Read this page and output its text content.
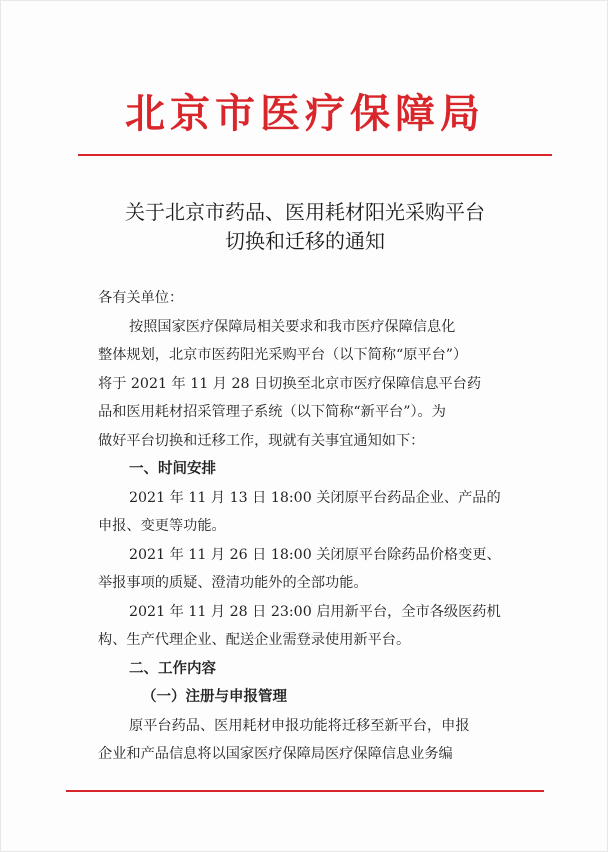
北京市医疗保障局
关于北京市药品、医用耗材阳光采购平台
切换和迁移的通知
各有关单位：
按照国家医疗保障局相关要求和我市医疗保障信息化
整体规划，北京市医药阳光采购平台（以下简称“原平台”）
将于 2021 年 11 月 28 日切换至北京市医疗保障信息平台药
品和医用耗材招采管理子系统（以下简称“新平台”）。为
做好平台切换和迁移工作，现就有关事宜通知如下：
一、时间安排
2021 年 11 月 13 日 18:00 关闭原平台药品企业、产品的
申报、变更等功能。
2021 年 11 月 26 日 18:00 关闭原平台除药品价格变更、
举报事项的质疑、澄清功能外的全部功能。
2021 年 11 月 28 日 23:00 启用新平台，全市各级医药机
构、生产代理企业、配送企业需登录使用新平台。
二、工作内容
（一）注册与申报管理
原平台药品、医用耗材申报功能将迁移至新平台，申报
企业和产品信息将以国家医疗保障局医疗保障信息业务编
